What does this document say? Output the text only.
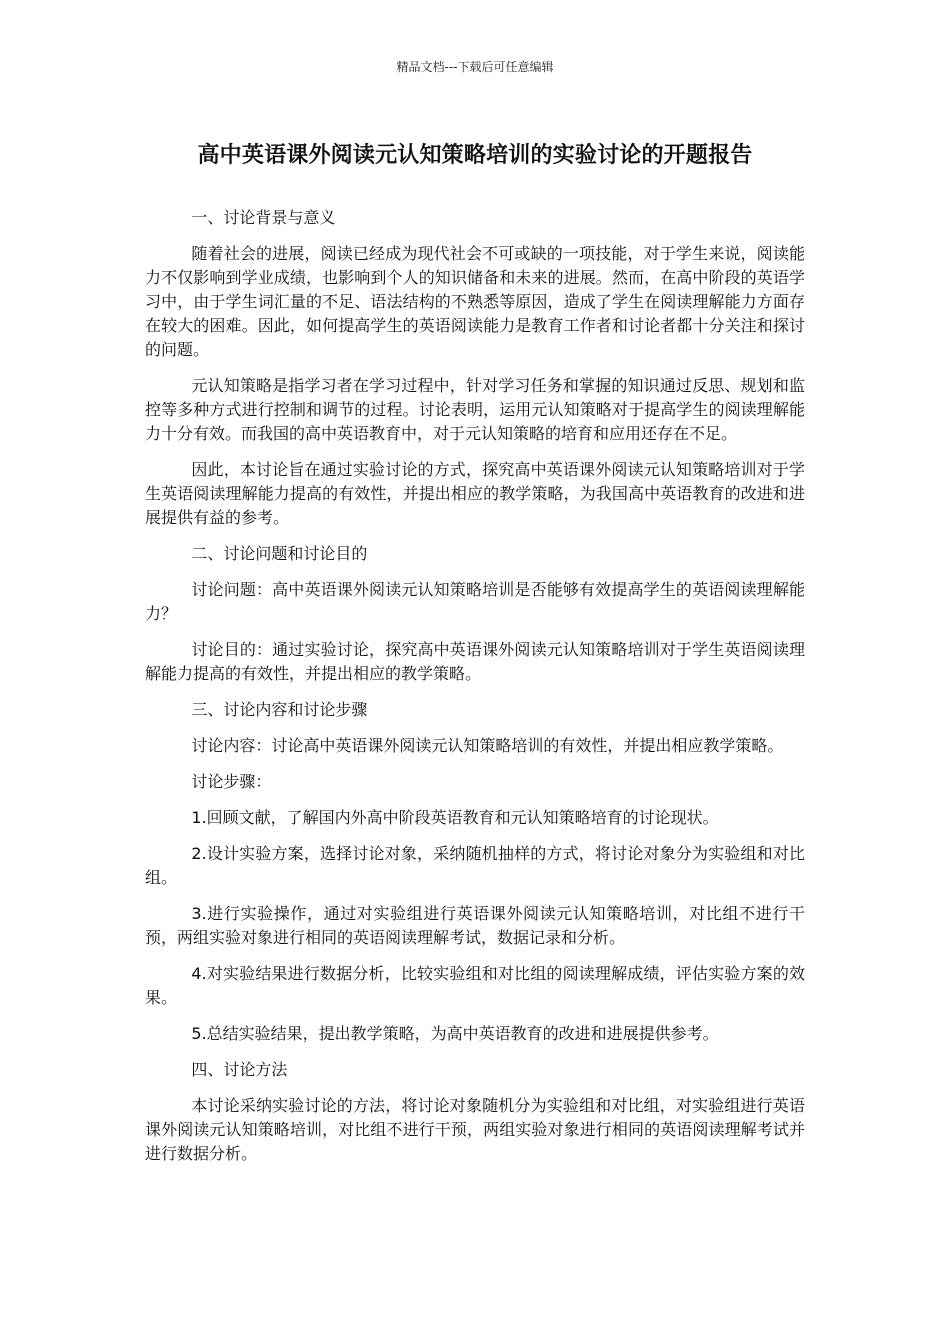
精品文档---下载后可任意编辑
高中英语课外阅读元认知策略培训的实验讨论的开题报告

一、讨论背景与意义

随着社会的进展，阅读已经成为现代社会不可或缺的一项技能，对于学生来说，阅读能力不仅影响到学业成绩，也影响到个人的知识储备和未来的进展。然而，在高中阶段的英语学习中，由于学生词汇量的不足、语法结构的不熟悉等原因，造成了学生在阅读理解能力方面存在较大的困难。因此，如何提高学生的英语阅读能力是教育工作者和讨论者都十分关注和探讨的问题。

元认知策略是指学习者在学习过程中，针对学习任务和掌握的知识通过反思、规划和监控等多种方式进行控制和调节的过程。讨论表明，运用元认知策略对于提高学生的阅读理解能力十分有效。而我国的高中英语教育中，对于元认知策略的培育和应用还存在不足。

因此，本讨论旨在通过实验讨论的方式，探究高中英语课外阅读元认知策略培训对于学生英语阅读理解能力提高的有效性，并提出相应的教学策略，为我国高中英语教育的改进和进展提供有益的参考。

二、讨论问题和讨论目的

讨论问题：高中英语课外阅读元认知策略培训是否能够有效提高学生的英语阅读理解能力？

讨论目的：通过实验讨论，探究高中英语课外阅读元认知策略培训对于学生英语阅读理解能力提高的有效性，并提出相应的教学策略。

三、讨论内容和讨论步骤

讨论内容：讨论高中英语课外阅读元认知策略培训的有效性，并提出相应教学策略。

讨论步骤：

1.回顾文献，了解国内外高中阶段英语教育和元认知策略培育的讨论现状。

2.设计实验方案，选择讨论对象，采纳随机抽样的方式，将讨论对象分为实验组和对比组。

3.进行实验操作，通过对实验组进行英语课外阅读元认知策略培训，对比组不进行干预，两组实验对象进行相同的英语阅读理解考试，数据记录和分析。

4.对实验结果进行数据分析，比较实验组和对比组的阅读理解成绩，评估实验方案的效果。

5.总结实验结果，提出教学策略，为高中英语教育的改进和进展提供参考。

四、讨论方法

本讨论采纳实验讨论的方法，将讨论对象随机分为实验组和对比组，对实验组进行英语课外阅读元认知策略培训，对比组不进行干预，两组实验对象进行相同的英语阅读理解考试并进行数据分析。
